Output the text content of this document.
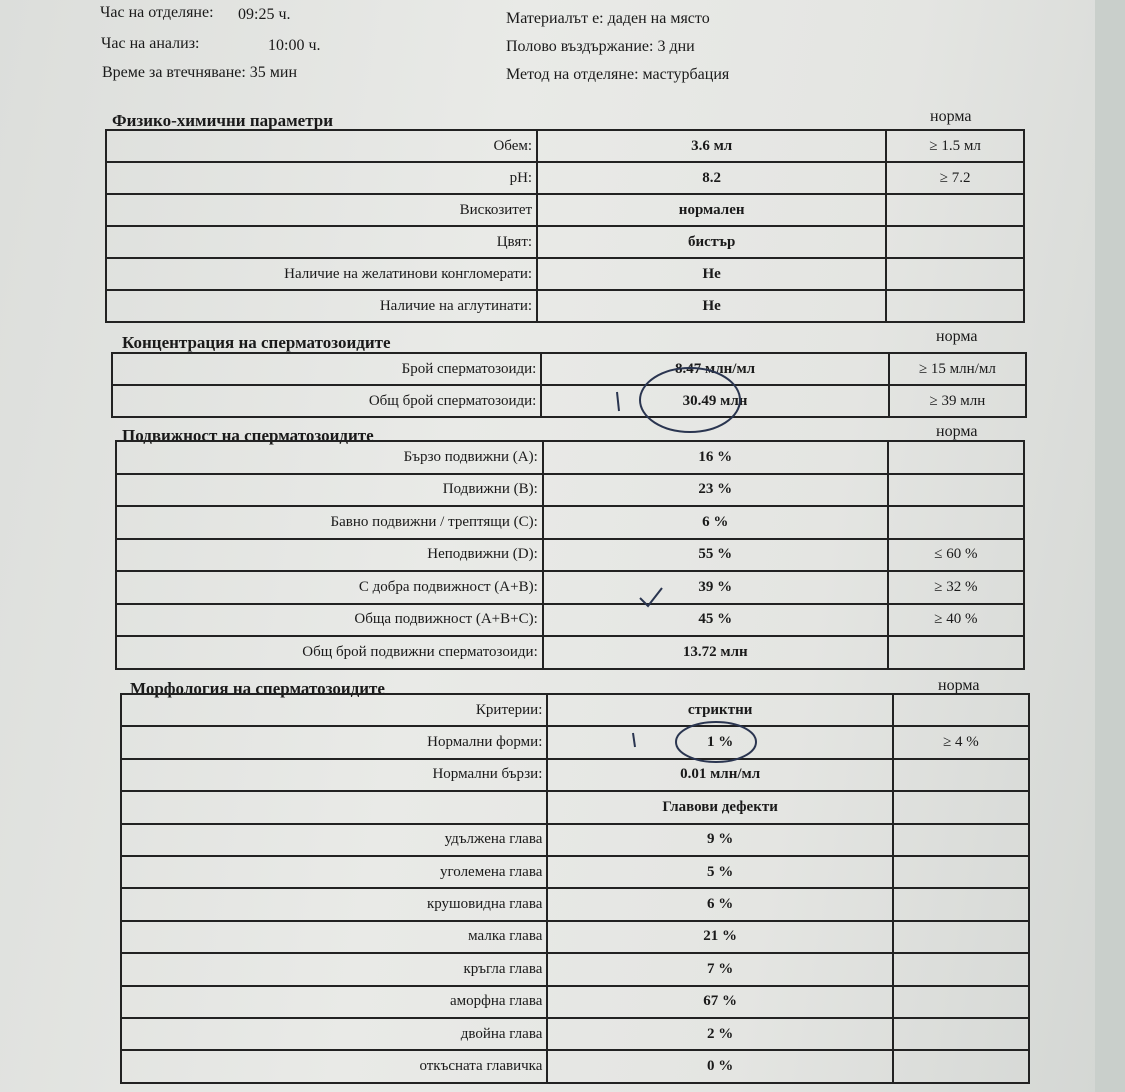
Час на отделяне: 09:25 ч.
Час на анализ:	10:00 ч.
Време за втечняване: 35 мин
Материалът е: даден на място
Полово въздържание: 3 дни
Метод на отделяне: мастурбация
Физико-химични параметри	норма
Обем:	3.6 мл	≥ 1.5 мл
pH:	8.2	≥ 7.2
Вискозитет	нормален	
Цвят:	бистър	
Наличие на желатинови конгломерати:	Не	
Наличие на аглутинати:	Не	
Концентрация на сперматозоидите	норма
Брой сперматозоиди:	8.47 млн/мл	≥ 15 млн/мл
Общ брой сперматозоиди:	30.49 млн	≥ 39 млн
Подвижност на сперматозоидите	норма
Бързо подвижни (A):	16 %	
Подвижни (B):	23 %	
Бавно подвижни / трептящи (C):	6 %	
Неподвижни (D):	55 %	≤ 60 %
С добра подвижност (A+B):	39 %	≥ 32 %
Обща подвижност (A+B+C):	45 %	≥ 40 %
Общ брой подвижни сперматозоиди:	13.72 млн	
Морфология на сперматозоидите	норма
Критерии:	стриктни	
Нормални форми:	1 %	≥ 4 %
Нормални бързи:	0.01 млн/мл	
	Главови дефекти	
удължена глава	9 %	
уголемена глава	5 %	
крушовидна глава	6 %	
малка глава	21 %	
кръгла глава	7 %	
аморфна глава	67 %	
двойна глава	2 %	
откъсната главичка	0 %	
